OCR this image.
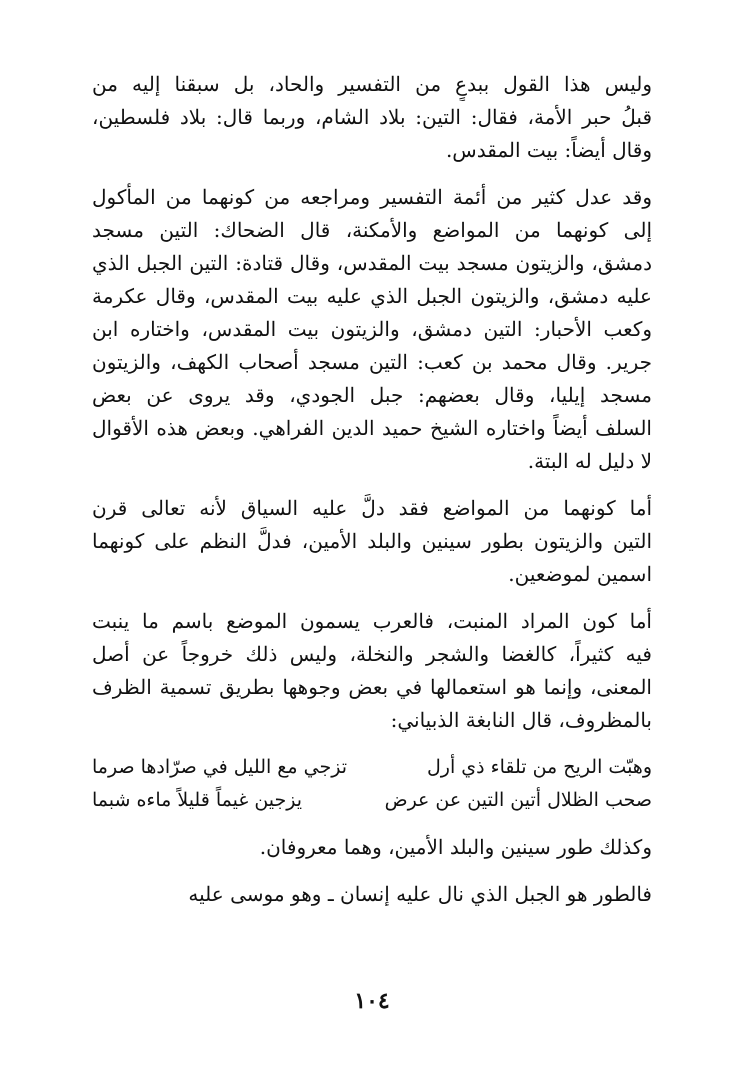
وليس هذا القول ببدعٍ من التفسير والحاد، بل سبقنا إليه من
قبلُ حبر الأمة، فقال: التين: بلاد الشام، وربما قال: بلاد فلسطين،
وقال أيضاً: بيت المقدس.
وقد عدل كثير من أئمة التفسير ومراجعه من كونهما من المأكول
إلى كونهما من المواضع والأمكنة، قال الضحاك: التين مسجد
دمشق، والزيتون مسجد بيت المقدس، وقال قتادة: التين الجبل الذي
عليه دمشق، والزيتون الجبل الذي عليه بيت المقدس، وقال عكرمة
وكعب الأحبار: التين دمشق، والزيتون بيت المقدس، واختاره ابن
جرير. وقال محمد بن كعب: التين مسجد أصحاب الكهف، والزيتون
مسجد إيليا، وقال بعضهم: جبل الجودي، وقد يروى عن بعض
السلف أيضاً واختاره الشيخ حميد الدين الفراهي. وبعض هذه الأقوال
لا دليل له البتة.
أما كونهما من المواضع فقد دلَّ عليه السياق لأنه تعالى قرن
التين والزيتون بطور سينين والبلد الأمين، فدلَّ النظم على كونهما
اسمين لموضعين.
أما كون المراد المنبت، فالعرب يسمون الموضع باسم ما ينبت
فيه كثيراً، كالغضا والشجر والنخلة، وليس ذلك خروجاً عن أصل
المعنى، وإنما هو استعمالها في بعض وجوهها بطريق تسمية الظرف
بالمظروف، قال النابغة الذبياني:
وهبّت الريح من تلقاء ذي أرل
تزجي مع الليل في صرّادها صرما
صحب الظلال أتين التين عن عرض
يزجين غيماً قليلاً ماءه شبما
وكذلك طور سينين والبلد الأمين، وهما معروفان.
فالطور هو الجبل الذي نال عليه إنسان ـ وهو موسى عليه
١٠٤
